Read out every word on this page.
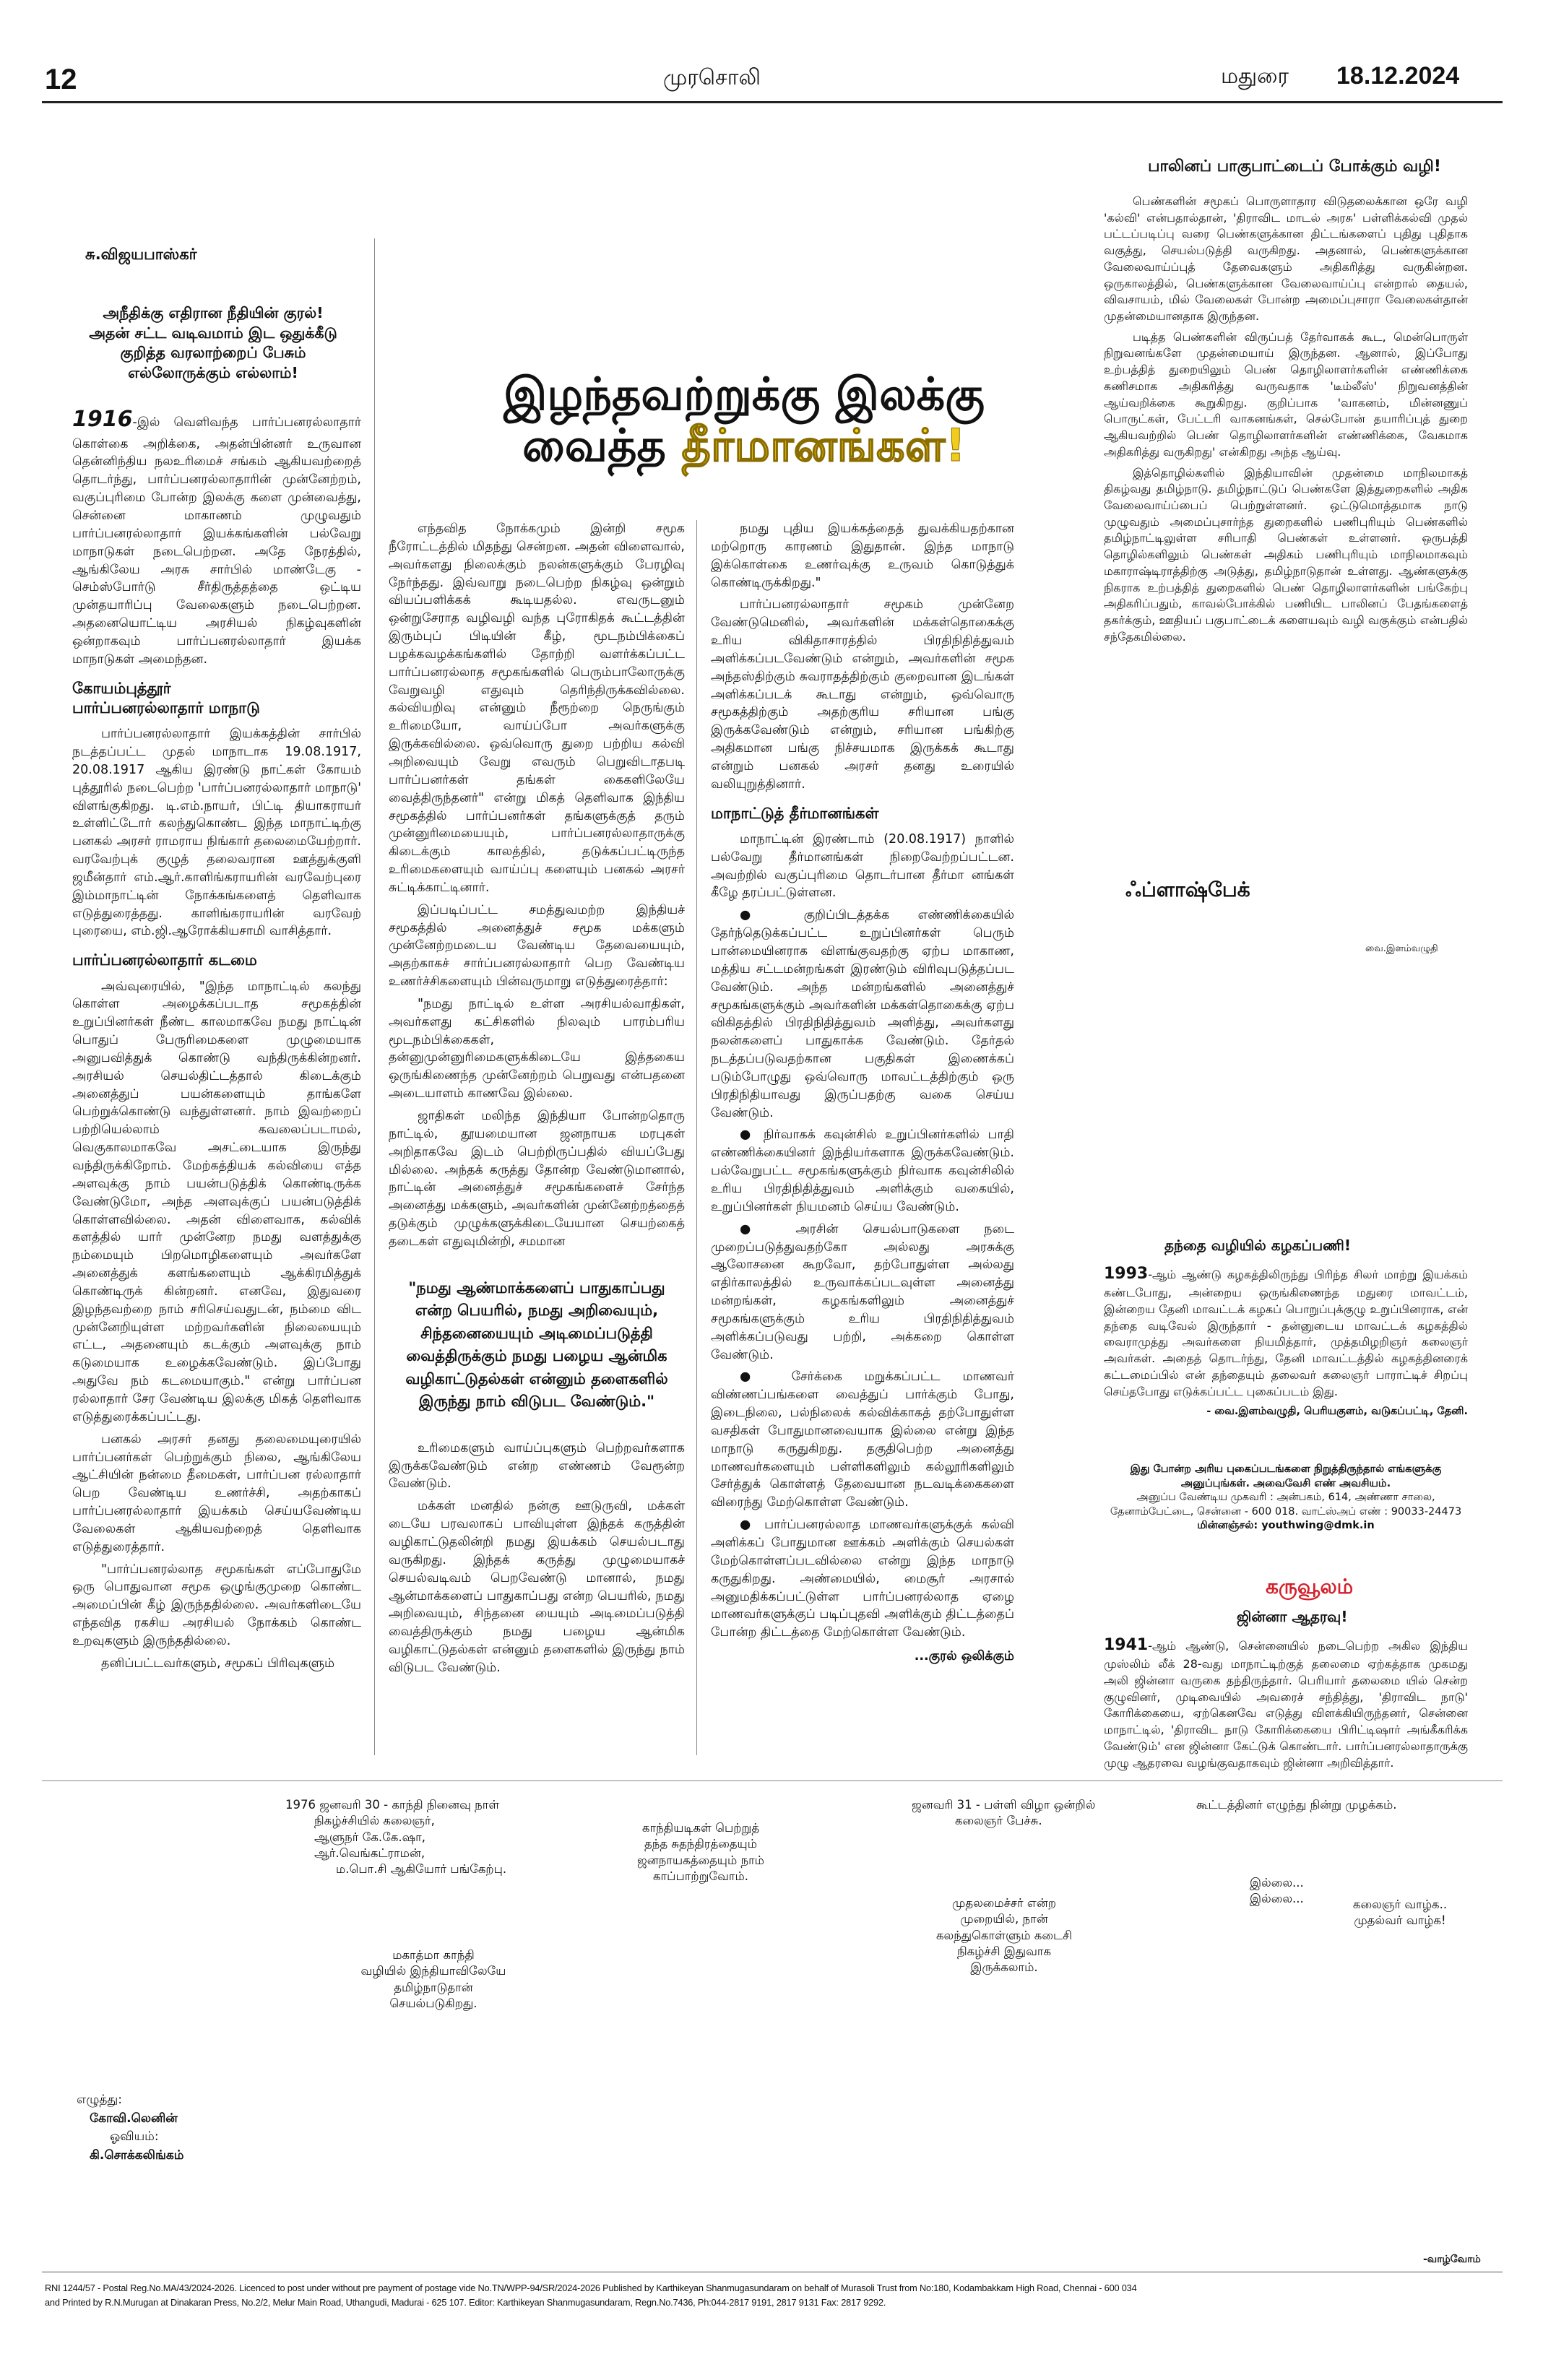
12	முரசொலி	மதுரை 18.12.2024
சு.விஜயபாஸ்கர்
அநீதிக்கு எதிரான நீதியின் குரல்!
அதன் சட்ட வடிவமாம் இட ஒதுக்கீடு
குறித்த வரலாற்றைப் பேசும்
எல்லோருக்கும் எல்லாம்!	இழந்தவற்றுக்கு இலக்கு
வைத்த தீர்மானங்கள்!

1916-இல் வெளிவந்த பார்ப்பனரல்லாதார் கொள்கை அறிக்கை, அதன்பின்னர் உருவான தென்னிந்திய நலஉரிமைச் சங்கம் ஆகியவற்றைத் தொடர்ந்து, பார்ப்பனரல்லாதாரின் முன்னேற்றம், வகுப்புரிமை போன்ற இலக்கு களை முன்வைத்து, சென்னை மாகாணம் முழுவதும் பார்ப்பனரல்லாதார் இயக்கங்களின் பல்வேறு மாநாடுகள் நடைபெற்றன. அதே நேரத்தில், ஆங்கிலேய அரசு சார்பில் மாண்டேகு - செம்ஸ்போர்டு சீர்திருத்தத்தை ஒட்டிய முன்தயாரிப்பு வேலைகளும் நடைபெற்றன. அதனையொட்டிய அரசியல் நிகழ்வுகளின் ஒன்றாகவும் பார்ப்பனரல்லாதார் இயக்க மாநாடுகள் அமைந்தன.

கோயம்புத்தூர்
பார்ப்பனரல்லாதார் மாநாடு

பார்ப்பனரல்லாதார் இயக்கத்தின் சார்பில் நடத்தப்பட்ட முதல் மாநாடாக 19.08.1917, 20.08.1917 ஆகிய இரண்டு நாட்கள் கோயம் புத்தூரில் நடைபெற்ற 'பார்ப்பனரல்லாதார் மாநாடு' விளங்குகிறது. டி.எம்.நாயர், பிட்டி தியாகராயர் உள்ளிட்டோர் கலந்துகொண்ட இந்த மாநாட்டிற்கு பனகல் அரசர் ராமராய நிங்கார் தலைமையேற்றார். வரவேற்புக் குழுத் தலைவரான ஊத்துக்குளி ஜமீன்தார் எம்.ஆர்.காளிங்கராயரின் வரவேற்புரை இம்மாநாட்டின் நோக்கங்களைத் தெளிவாக எடுத்துரைத்தது. காளிங்கராயரின் வரவேற் புரையை, எம்.ஜி.ஆரோக்கியசாமி வாசித்தார்.

பார்ப்பனரல்லாதார் கடமை

அவ்வுரையில், "இந்த மாநாட்டில் கலந்து கொள்ள அழைக்கப்படாத சமூகத்தின் உறுப்பினர்கள் நீண்ட காலமாகவே நமது நாட்டின் பொதுப் பேருரிமைகளை முழுமையாக அனுபவித்துக் கொண்டு வந்திருக்கின்றனர். அரசியல் செயல்திட்டத்தால் கிடைக்கும் அனைத்துப் பயன்களையும் தாங்களே பெற்றுக்கொண்டு வந்துள்ளனர். நாம் இவற்றைப் பற்றியெல்லாம் கவலைப்படாமல், வெகுகாலமாகவே அசட்டையாக இருந்து வந்திருக்கிறோம். மேற்கத்தியக் கல்வியை எத்த அளவுக்கு நாம் பயன்படுத்திக் கொண்டிருக்க வேண்டுமோ, அந்த அளவுக்குப் பயன்படுத்திக் கொள்ளவில்லை. அதன் விளைவாக, கல்விக் களத்தில் யார் முன்னேற நமது வளத்துக்கு நம்மையும் பிறமொழிகளையும் அவர்களே அனைத்துக் களங்களையும் ஆக்கிரமித்துக் கொண்டிருக் கின்றனர். எனவே, இதுவரை இழந்தவற்றை நாம் சரிசெய்வதுடன், நம்மை விட முன்னேறியுள்ள மற்றவர்களின் நிலையையும் எட்ட, அதனையும் கடக்கும் அளவுக்கு நாம் கடுமையாக உழைக்கவேண்டும். இப்போது அதுவே நம் கடமையாகும்." என்று பார்ப்பன ரல்லாதார் சேர வேண்டிய இலக்கு மிகத் தெளிவாக எடுத்துரைக்கப்பட்டது.

பனகல் அரசர் தனது தலைமையுரையில் பார்ப்பனர்கள் பெற்றுக்கும் நிலை, ஆங்கிலேய ஆட்சியின் நன்மை தீமைகள், பார்ப்பன ரல்லாதார் பெற வேண்டிய உணர்ச்சி, அதற்காகப் பார்ப்பனரல்லாதார் இயக்கம் செய்யவேண்டிய வேலைகள் ஆகியவற்றைத் தெளிவாக எடுத்துரைத்தார்.

"பார்ப்பனரல்லாத சமூகங்கள் எப்போதுமே ஒரு பொதுவான சமூக ஒழுங்குமுறை கொண்ட அமைப்பின் கீழ் இருந்ததில்லை. அவர்களிடையே எந்தவித ரகசிய அரசியல் நோக்கம் கொண்ட உறவுகளும் இருந்ததில்லை.

தனிப்பட்டவர்களும், சமூகப் பிரிவுகளும்

எந்தவித நோக்கமும் இன்றி சமூக நீரோட்டத்தில் மிதந்து சென்றன. அதன் விளைவால், அவர்களது நிலைக்கும் நலன்களுக்கும் பேரழிவு நேர்ந்தது. இவ்வாறு நடைபெற்ற நிகழ்வு ஒன்றும் வியப்பளிக்கக் கூடியதல்ல. எவருடனும் ஒன்றுசேராத வழிவழி வந்த புரோகிதக் கூட்டத்தின் இரும்புப் பிடியின் கீழ், மூடநம்பிக்கைப் பழக்கவழக்கங்களில் தோற்றி வளர்க்கப்பட்ட பார்ப்பனரல்லாத சமூகங்களில் பெரும்பாலோருக்கு வேறுவழி எதுவும் தெரிந்திருக்கவில்லை. கல்வியறிவு என்னும் நீரூற்றை நெருங்கும் உரிமையோ, வாய்ப்போ அவர்களுக்கு இருக்கவில்லை. ஒவ்வொரு துறை பற்றிய கல்வி அறிவையும் வேறு எவரும் பெறுவிடாதபடி பார்ப்பனர்கள் தங்கள் கைகளிலேயே வைத்திருந்தனர்" என்று மிகத் தெளிவாக இந்திய சமூகத்தில் பார்ப்பனர்கள் தங்களுக்குத் தரும் முன்னுரிமையையும், பார்ப்பனரல்லாதாருக்கு கிடைக்கும் காலத்தில், தடுக்கப்பட்டிருந்த உரிமைகளையும் வாய்ப்பு களையும் பனகல் அரசர் சுட்டிக்காட்டினார்.

இப்படிப்பட்ட சமத்துவமற்ற இந்தியச் சமூகத்தில் அனைத்துச் சமூக மக்களும் முன்னேற்றமடைய வேண்டிய தேவையையும், அதற்காகச் சார்ப்பனரல்லாதார் பெற வேண்டிய உணர்ச்சிகளையும் பின்வருமாறு எடுத்துரைத்தார்:

"நமது நாட்டில் உள்ள அரசியல்வாதிகள், அவர்களது கட்சிகளில் நிலவும் பாரம்பரிய மூடநம்பிக்கைகள், தன்னுமுன்னுரிமைகளுக்கிடையே இத்தகைய ஒருங்கிணைந்த முன்னேற்றம் பெறுவது என்பதனை அடையாளம் காணவே இல்லை.

ஜாதிகள் மலிந்த இந்தியா போன்றதொரு நாட்டில், தூயமையான ஜனநாயக மரபுகள் அறிதாகவே இடம் பெற்றிருப்பதில் வியப்பேது மில்லை. அந்தக் கருத்து தோன்ற வேண்டுமானால், நாட்டின் அனைத்துச் சமூகங்களைச் சேர்ந்த அனைத்து மக்களும், அவர்களின் முன்னேற்றத்தைத் தடுக்கும் முழுக்களுக்கிடையேயான செயற்கைத் தடைகள் எதுவுமின்றி, சமமான

"நமது ஆண்மாக்களைப் பாதுகாப்பது என்ற பெயரில், நமது அறிவையும், சிந்தனையையும் அடிமைப்படுத்தி வைத்திருக்கும் நமது பழைய ஆன்மிக வழிகாட்டுதல்கள் என்னும் தளைகளில் இருந்து நாம் விடுபட வேண்டும்."

உரிமைகளும் வாய்ப்புகளும் பெற்றவர்களாக இருக்கவேண்டும் என்ற எண்ணம் வேரூன்ற வேண்டும்.

மக்கள் மனதில் நன்கு ஊடுருவி, மக்கள் டையே பரவலாகப் பாவியுள்ள இந்தக் கருத்தின் வழிகாட்டுதலின்றி நமது இயக்கம் செயல்படாது வருகிறது. இந்தக் கருத்து முழுமையாகச் செயல்வடிவம் பெறவேண்டு மானால், நமது ஆன்மாக்களைப் பாதுகாப்பது என்ற பெயரில், நமது அறிவையும், சிந்தனை யையும் அடிமைப்படுத்தி வைத்திருக்கும் நமது பழைய ஆன்மிக வழிகாட்டுதல்கள் என்னும் தளைகளில் இருந்து நாம் விடுபட வேண்டும்.

நமது புதிய இயக்கத்தைத் துவக்கியதற்கான மற்றொரு காரணம் இதுதான். இந்த மாநாடு இக்கொள்கை உணர்வுக்கு உருவம் கொடுத்துக் கொண்டிருக்கிறது."

பார்ப்பனரல்லாதார் சமூகம் முன்னேற வேண்டுமெனில், அவர்களின் மக்கள்தொகைக்கு உரிய விகிதாசாரத்தில் பிரதிநிதித்துவம் அளிக்கப்படவேண்டும் என்றும், அவர்களின் சமூக அந்தஸ்திற்கும் சுவராதத்திற்கும் குறைவான இடங்கள் அளிக்கப்படக் கூடாது என்றும், ஒவ்வொரு சமூகத்திற்கும் அதற்குரிய சரியான பங்கு இருக்கவேண்டும் என்றும், சரியான பங்கிற்கு அதிகமான பங்கு நிச்சயமாக இருக்கக் கூடாது என்றும் பனகல் அரசர் தனது உரையில் வலியுறுத்தினார்.

மாநாட்டுத் தீர்மானங்கள்

மாநாட்டின் இரண்டாம் (20.08.1917) நாளில் பல்வேறு தீர்மானங்கள் நிறைவேற்றப்பட்டன. அவற்றில் வகுப்புரிமை தொடர்பான தீர்மா னங்கள் கீழே தரப்பட்டுள்ளன.

● குறிப்பிடத்தக்க எண்ணிக்கையில் தேர்ந்தெடுக்கப்பட்ட உறுப்பினர்கள் பெரும் பான்மையினராக விளங்குவதற்கு ஏற்ப மாகாண, மத்திய சட்டமன்றங்கள் இரண்டும் விரிவுபடுத்தப்பட வேண்டும். அந்த மன்றங்களில் அனைத்துச் சமூகங்களுக்கும் அவர்களின் மக்கள்தொகைக்கு ஏற்ப விகிதத்தில் பிரதிநிதித்துவம் அளித்து, அவர்களது நலன்களைப் பாதுகாக்க வேண்டும். தேர்தல் நடத்தப்படுவதற்கான பகுதிகள் இணைக்கப் படும்போழுது ஒவ்வொரு மாவட்டத்திற்கும் ஒரு பிரதிநிதியாவது இருப்பதற்கு வகை செய்ய வேண்டும்.

● நிர்வாகக் கவுன்சில் உறுப்பினர்களில் பாதி எண்ணிக்கையினர் இந்தியர்களாக இருக்கவேண்டும். பல்வேறுபட்ட சமூகங்களுக்கும் நிர்வாக கவுன்சிலில் உரிய பிரதிநிதித்துவம் அளிக்கும் வகையில், உறுப்பினர்கள் நியமனம் செய்ய வேண்டும்.

● அரசின் செயல்பாடுகளை நடை முறைப்படுத்துவதற்கோ அல்லது அரசுக்கு ஆலோசனை கூறவோ, தற்போதுள்ள அல்லது எதிர்காலத்தில் உருவாக்கப்படவுள்ள அனைத்து மன்றங்கள், கழகங்களிலும் அனைத்துச் சமூகங்களுக்கும் உரிய பிரதிநிதித்துவம் அளிக்கப்படுவது பற்றி, அக்கறை கொள்ள வேண்டும்.

● சேர்க்கை மறுக்கப்பட்ட மாணவர் விண்ணப்பங்களை வைத்துப் பார்க்கும் போது, இடைநிலை, பல்நிலைக் கல்விக்காகத் தற்போதுள்ள வசதிகள் போதுமானவையாக இல்லை என்று இந்த மாநாடு கருதுகிறது. தகுதிபெற்ற அனைத்து மாணவர்களையும் பள்ளிகளிலும் கல்லூரிகளிலும் சேர்த்துக் கொள்ளத் தேவையான நடவடிக்கைகளை விரைந்து மேற்கொள்ள வேண்டும்.

● பார்ப்பனரல்லாத மாணவர்களுக்குக் கல்வி அளிக்கப் போதுமான ஊக்கம் அளிக்கும் செயல்கள் மேற்கொள்ளப்படவில்லை என்று இந்த மாநாடு கருதுகிறது. அண்மையில், மைசூர் அரசால் அனுமதிக்கப்பட்டுள்ள பார்ப்பனரல்லாத ஏழை மாணவர்களுக்குப் படிப்புதவி அளிக்கும் திட்டத்தைப் போன்ற திட்டத்தை மேற்கொள்ள வேண்டும்.

...குரல் ஒலிக்கும்
பாலினப் பாகுபாட்டைப் போக்கும் வழி!

பெண்களின் சமூகப் பொருளாதார விடுதலைக்கான ஒரே வழி 'கல்வி' என்பதால்தான், 'திராவிட மாடல் அரசு' பள்ளிக்கல்வி முதல் பட்டப்படிப்பு வரை பெண்களுக்கான திட்டங்களைப் புதிது புதிதாக வகுத்து, செயல்படுத்தி வருகிறது. அதனால், பெண்களுக்கான வேலைவாய்ப்புத் தேவைகளும் அதிகரித்து வருகின்றன. ஒருகாலத்தில், பெண்களுக்கான வேலைவாய்ப்பு என்றால் தையல், விவசாயம், மில் வேலைகள் போன்ற அமைப்புசாரா வேலைகள்தான் முதன்மையானதாக இருந்தன.

படித்த பெண்களின் விருப்பத் தேர்வாகக் கூட, மென்பொருள் நிறுவனங்களே முதன்மையாய் இருந்தன. ஆனால், இப்போது உற்பத்தித் துறையிலும் பெண் தொழிலாளர்களின் எண்ணிக்கை கணிசமாக அதிகரித்து வருவதாக 'டீம்லீஸ்' நிறுவனத்தின் ஆய்வறிக்கை கூறுகிறது. குறிப்பாக 'வாகனம், மின்னணுப் பொருட்கள், பேட்டரி வாகனங்கள், செல்போன் தயாரிப்புத் துறை ஆகியவற்றில் பெண் தொழிலாளர்களின் எண்ணிக்கை, வேகமாக அதிகரித்து வருகிறது' என்கிறது அந்த ஆய்வு.

இத்தொழில்களில் இந்தியாவின் முதன்மை மாநிலமாகத் திகழ்வது தமிழ்நாடு. தமிழ்நாட்டுப் பெண்களே இத்துறைகளில் அதிக வேலைவாய்ப்பைப் பெற்றுள்ளனர். ஒட்டுமொத்தமாக நாடு முழுவதும் அமைப்புசார்ந்த துறைகளில் பணிபுரியும் பெண்களில் தமிழ்நாட்டிலுள்ள சரிபாதி பெண்கள் உள்ளனர். ஒருபத்தி தொழில்களிலும் பெண்கள் அதிகம் பணிபுரியும் மாநிலமாகவும் மகாராஷ்டிராத்திற்கு அடுத்து, தமிழ்நாடுதான் உள்ளது. ஆண்களுக்கு நிகராக உற்பத்தித் துறைகளில் பெண் தொழிலாளர்களின் பங்கேற்பு அதிகரிப்பதும், காவல்போக்கில் பணியிட பாலினப் பேதங்களைத் தகர்க்கும், ஊதியப் பகுபாட்டைக் களையவும் வழி வகுக்கும் என்பதில் சந்தேகமில்லை.

ஃப்ளாஷ்பேக்
வை.இளம்வழுதி
தந்தை வழியில் கழகப்பணி!

1993-ஆம் ஆண்டு கழகத்திலிருந்து பிரிந்த சிலர் மாற்று இயக்கம் கண்டபோது, அன்றைய ஒருங்கிணைந்த மதுரை மாவட்டம், இன்றைய தேனி மாவட்டக் கழகப் பொறுப்புக்குழு உறுப்பினராக, என் தந்தை வடிவேல் இருந்தார் - தன்னுடைய மாவட்டக் கழகத்தில் வைராமுத்து அவர்களை நியமித்தார், முத்தமிழறிஞர் கலைஞர் அவர்கள். அதைத் தொடர்ந்து, தேனி மாவட்டத்தில் கழகத்தினரைக் கட்டமைப்பில் என் தந்தையும் தலைவர் கலைஞர் பாராட்டிச் சிறப்பு செய்தபோது எடுக்கப்பட்ட புகைப்படம் இது.

- வை.இளம்வழுதி, பெரியகுளம், வடுகப்பட்டி, தேனி.
இது போன்ற அரிய புகைப்படங்களை நிறுத்திருந்தால் எங்களுக்கு அனுப்புங்கள். அவைவேசி எண் அவசியம்.
அனுப்ப வேண்டிய முகவரி : அன்பகம், 614, அண்ணா சாலை, தேனாம்பேட்டை, சென்னை - 600 018. வாட்ஸ்அப் எண் : 90033-24473
மின்னஞ்சல்: youthwing@dmk.in
கருவூலம்
ஜின்னா ஆதரவு!

1941-ஆம் ஆண்டு, சென்னையில் நடைபெற்ற அகில இந்திய முஸ்லிம் லீக் 28-வது மாநாட்டிற்குத் தலைமை ஏற்கத்தாக முகமது அலி ஜின்னா வருகை தந்திருந்தார். பெரியார் தலைமை யில் சென்ற குழுவினர், முடிவையில் அவரைச் சந்தித்து, 'திராவிட நாடு' கோரிக்கையை, ஏற்கெனவே எடுத்து விளக்கியிருந்தனர், சென்னை மாநாட்டில், 'திராவிட நாடு கோரிக்கையை பிரிட்டிஷார் அங்கீகரிக்க வேண்டும்' என ஜின்னா கேட்டுக் கொண்டார். பார்ப்பனரல்லாதாருக்கு முழு ஆதரவை வழங்குவதாகவும் ஜின்னா அறிவித்தார்.

1976 ஜனவரி 30 - காந்தி நினைவு நாள்
நிகழ்ச்சியில் கலைஞர்,
ஆளுநர் கே.கே.ஷா, ஆர்.வெங்கட்ராமன்,
ம.பொ.சி ஆகியோர் பங்கேற்பு.
மகாத்மா காந்தி
வழியில் இந்தியாவிலேயே
தமிழ்நாடுதான்
செயல்படுகிறது.
காந்தியடிகள் பெற்றுத்
தந்த சுதந்திரத்தையும்
ஜனநாயகத்தையும் நாம்
காப்பாற்றுவோம்.
ஜனவரி 31 - பள்ளி விழா ஒன்றில்
கலைஞர் பேச்சு.
முதலமைச்சர் என்ற
முறையில், நான்
கலந்துகொள்ளும் கடைசி
நிகழ்ச்சி இதுவாக
இருக்கலாம்.
கூட்டத்தினர் எழுந்து நின்று முழக்கம்.
இல்லை...
இல்லை...	கலைஞர் வாழ்க..
முதல்வர் வாழ்க!
எழுத்து:
கோவி.லெனின்
ஓவியம்:
கி.சொக்கலிங்கம்
-வாழ்வோம்
RNI 1244/57 - Postal Reg.No.MA/43/2024-2026. Licenced to post under without pre payment of postage vide No.TN/WPP-94/SR/2024-2026 Published by Karthikeyan Shanmugasundaram on behalf of Murasoli Trust from No:180, Kodambakkam High Road, Chennai - 600 034
and Printed by R.N.Murugan at Dinakaran Press, No.2/2, Melur Main Road, Uthangudi, Madurai - 625 107. Editor: Karthikeyan Shanmugasundaram, Regn.No.7436, Ph:044-2817 9191, 2817 9131 Fax: 2817 9292.
